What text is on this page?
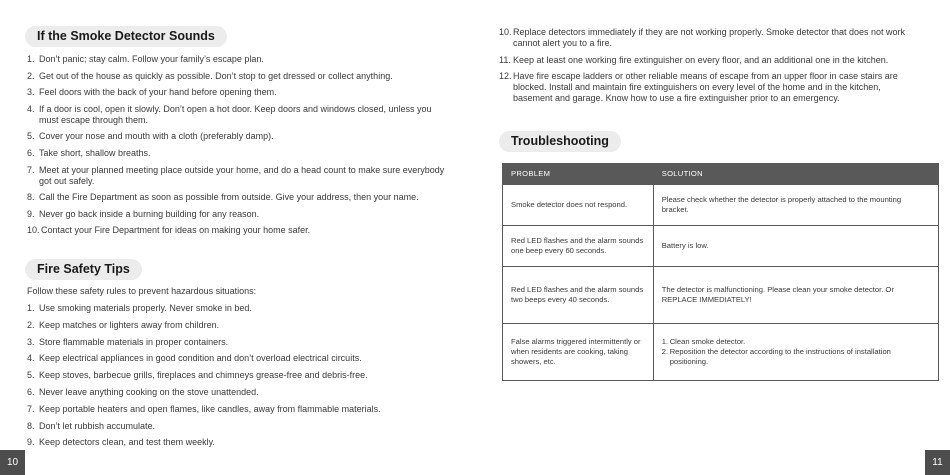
If the Smoke Detector Sounds
1. Don’t panic; stay calm. Follow your family’s escape plan.
2. Get out of the house as quickly as possible. Don’t stop to get dressed or collect anything.
3. Feel doors with the back of your hand before opening them.
4. If a door is cool, open it slowly. Don’t open a hot door. Keep doors and windows closed, unless you must escape through them.
5. Cover your nose and mouth with a cloth (preferably damp).
6. Take short, shallow breaths.
7. Meet at your planned meeting place outside your home, and do a head count to make sure everybody got out safely.
8. Call the Fire Department as soon as possible from outside. Give your address, then your name.
9. Never go back inside a burning building for any reason.
10. Contact your Fire Department for ideas on making your home safer.
Fire Safety Tips
Follow these safety rules to prevent hazardous situations:
1. Use smoking materials properly. Never smoke in bed.
2. Keep matches or lighters away from children.
3. Store flammable materials in proper containers.
4. Keep electrical appliances in good condition and don’t overload electrical circuits.
5. Keep stoves, barbecue grills, fireplaces and chimneys grease-free and debris-free.
6. Never leave anything cooking on the stove unattended.
7. Keep portable heaters and open flames, like candles, away from flammable materials.
8. Don’t let rubbish accumulate.
9. Keep detectors clean, and test them weekly.
10
10. Replace detectors immediately if they are not working properly. Smoke detector that does not work cannot alert you to a fire.
11. Keep at least one working fire extinguisher on every floor, and an additional one in the kitchen.
12. Have fire escape ladders or other reliable means of escape from an upper floor in case stairs are blocked. Install and maintain fire extinguishers on every level of the home and in the kitchen, basement and garage. Know how to use a fire extinguisher prior to an emergency.
Troubleshooting
PROBLEM	SOLUTION
Smoke detector does not respond.	Please check whether the detector is properly attached to the mounting bracket.
Red LED flashes and the alarm sounds one beep every 60 seconds.	Battery is low.
Red LED flashes and the alarm sounds two beeps every 40 seconds.	The detector is malfunctioning. Please clean your smoke detector. Or REPLACE IMMEDIATELY!
False alarms triggered intermittently or when residents are cooking, taking showers, etc.	1. Clean smoke detector.
2. Reposition the detector according to the instructions of installation positioning.
11
